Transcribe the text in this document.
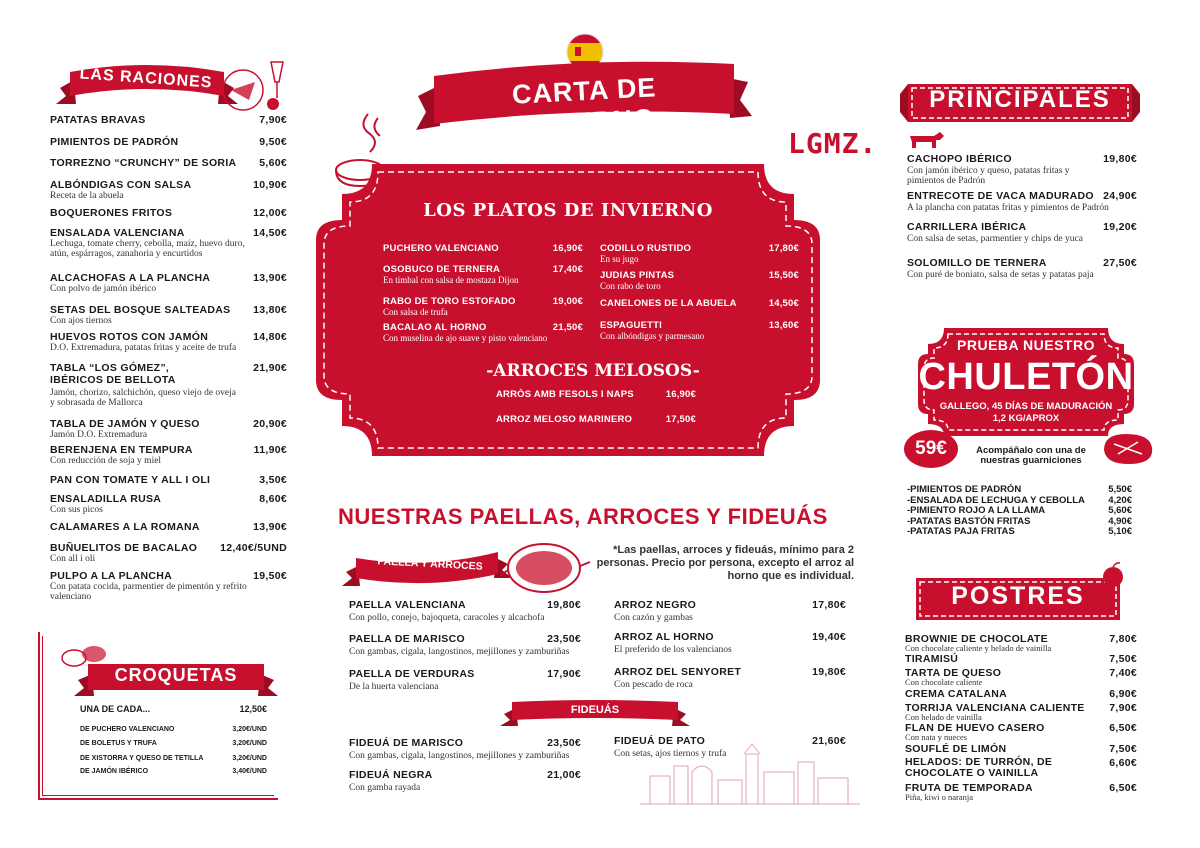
CARTA DE INVIERNO
LGMZ.
LAS RACIONES
PATATAS BRAVAS	7,90€
PIMIENTOS DE PADRÓN	9,50€
TORREZNO “CRUNCHY” DE SORIA 5,60€
ALBÓNDIGAS CON SALSA	10,90€
Receta de la abuela
BOQUERONES FRITOS	12,00€
ENSALADA VALENCIANA	14,50€
Lechuga, tomate cherry, cebolla, maíz, huevo duro, atún, espárragos, zanahoria y encurtidos
ALCACHOFAS A LA PLANCHA	13,90€
Con polvo de jamón ibérico
SETAS DEL BOSQUE SALTEADAS 13,80€
Con ajos tiernos
HUEVOS ROTOS CON JAMÓN	14,80€
D.O. Extremadura, patatas fritas y aceite de trufa
TABLA “LOS GÓMEZ”, IBÉRICOS DE BELLOTA
21,90€
Jamón, chorizo, salchichón, queso viejo de oveja y sobrasada de Mallorca
TABLA DE JAMÓN Y QUESO	20,90€
Jamón D.O. Extremadura
BERENJENA EN TEMPURA	11,90€
Con reducción de soja y miel
PAN CON TOMATE Y ALL I OLI	3,50€
ENSALADILLA RUSA	8,60€
Con sus picos
CALAMARES A LA ROMANA	13,90€
BUÑUELITOS DE BACALAO 12,40€/5UND
Con all i oli
PULPO A LA PLANCHA	19,50€
Con patata cocida, parmentier de pimentón y refrito valenciano
CROQUETAS
UNA DE CADA...	12,50€
DE PUCHERO VALENCIANO	3,20€/UND
DE BOLETUS Y TRUFA	3,20€/UND
DE XISTORRA Y QUESO DE TETILLA	3,20€/UND
DE JAMÓN IBÉRICO	3,40€/UND
LOS PLATOS DE INVIERNO
PUCHERO VALENCIANO	16,90€
OSOBUCO DE TERNERA	17,40€
En timbal con salsa de mostaza Dijon
RABO DE TORO ESTOFADO	19,00€
Con salsa de trufa
BACALAO AL HORNO	21,50€
Con muselina de ajo suave y pisto valenciano
CODILLO RUSTIDO	17,80€
En su jugo
JUDIAS PINTAS	15,50€
Con rabo de toro
CANELONES DE LA ABUELA	14,50€
ESPAGUETTI	13,60€
Con albóndigas y parmesano
-ARROCES MELOSOS-
ARRÒS AMB FESOLS I NAPS	16,90€
ARROZ MELOSO MARINERO	17,50€
NUESTRAS PAELLAS, ARROCES Y FIDEUÁS
PAELLA Y ARROCES
*Las paellas, arroces y fideuás, mínimo para 2 personas. Precio por persona, excepto el arroz al horno que es individual.
PAELLA VALENCIANA	19,80€
Con pollo, conejo, bajoqueta, caracoles y alcachofa
PAELLA DE MARISCO	23,50€
Con gambas, cigala, langostinos, mejillones y zamburiñas
PAELLA DE VERDURAS	17,90€
De la huerta valenciana
ARROZ NEGRO	17,80€
Con cazón y gambas
ARROZ AL HORNO	19,40€
El preferido de los valencianos
ARROZ DEL SENYORET	19,80€
Con pescado de roca
FIDEUÁ DE MARISCO	23,50€
Con gambas, cigala, langostinos, mejillones y zamburiñas
FIDEUÁ NEGRA	21,00€
Con gamba rayada
FIDEUÁ DE PATO	21,60€
Con setas, ajos tiernos y trufa
FIDEUÁS
PRINCIPALES
CACHOPO IBÉRICO	19,80€
Con jamón ibérico y queso, patatas fritas y pimientos de Padrón
ENTRECOTE DE VACA MADURADO 24,90€
A la plancha con patatas fritas y pimientos de Padrón
CARRILLERA IBÉRICA	19,20€
Con salsa de setas, parmentier y chips de yuca
SOLOMILLO DE TERNERA	27,50€
Con puré de boniato, salsa de setas y patatas paja
PRUEBA NUESTRO
CHULETÓN
GALLEGO, 45 DÍAS DE MADURACIÓN
1,2 KG/APROX
59€	Acompáñalo con una de nuestras guarniciones
-PIMIENTOS DE PADRÓN	5,50€
-ENSALADA DE LECHUGA Y CEBOLLA 4,20€
-PIMIENTO ROJO A LA LLAMA	5,60€
-PATATAS BASTÓN FRITAS	4,90€
-PATATAS PAJA FRITAS	5,10€
POSTRES
BROWNIE DE CHOCOLATE	7,80€
Con chocolate caliente y helado de vainilla
TIRAMISÚ	7,50€
TARTA DE QUESO	7,40€
Con chocolate caliente
CREMA CATALANA	6,90€
TORRIJA VALENCIANA CALIENTE 7,90€
Con helado de vainilla
FLAN DE HUEVO CASERO	6,50€
Con nata y nueces
SOUFLÉ DE LIMÓN	7,50€
HELADOS: DE TURRÓN, DE CHOCOLATE O VAINILLA
6,60€
FRUTA DE TEMPORADA	6,50€
Piña, kiwi o naranja
